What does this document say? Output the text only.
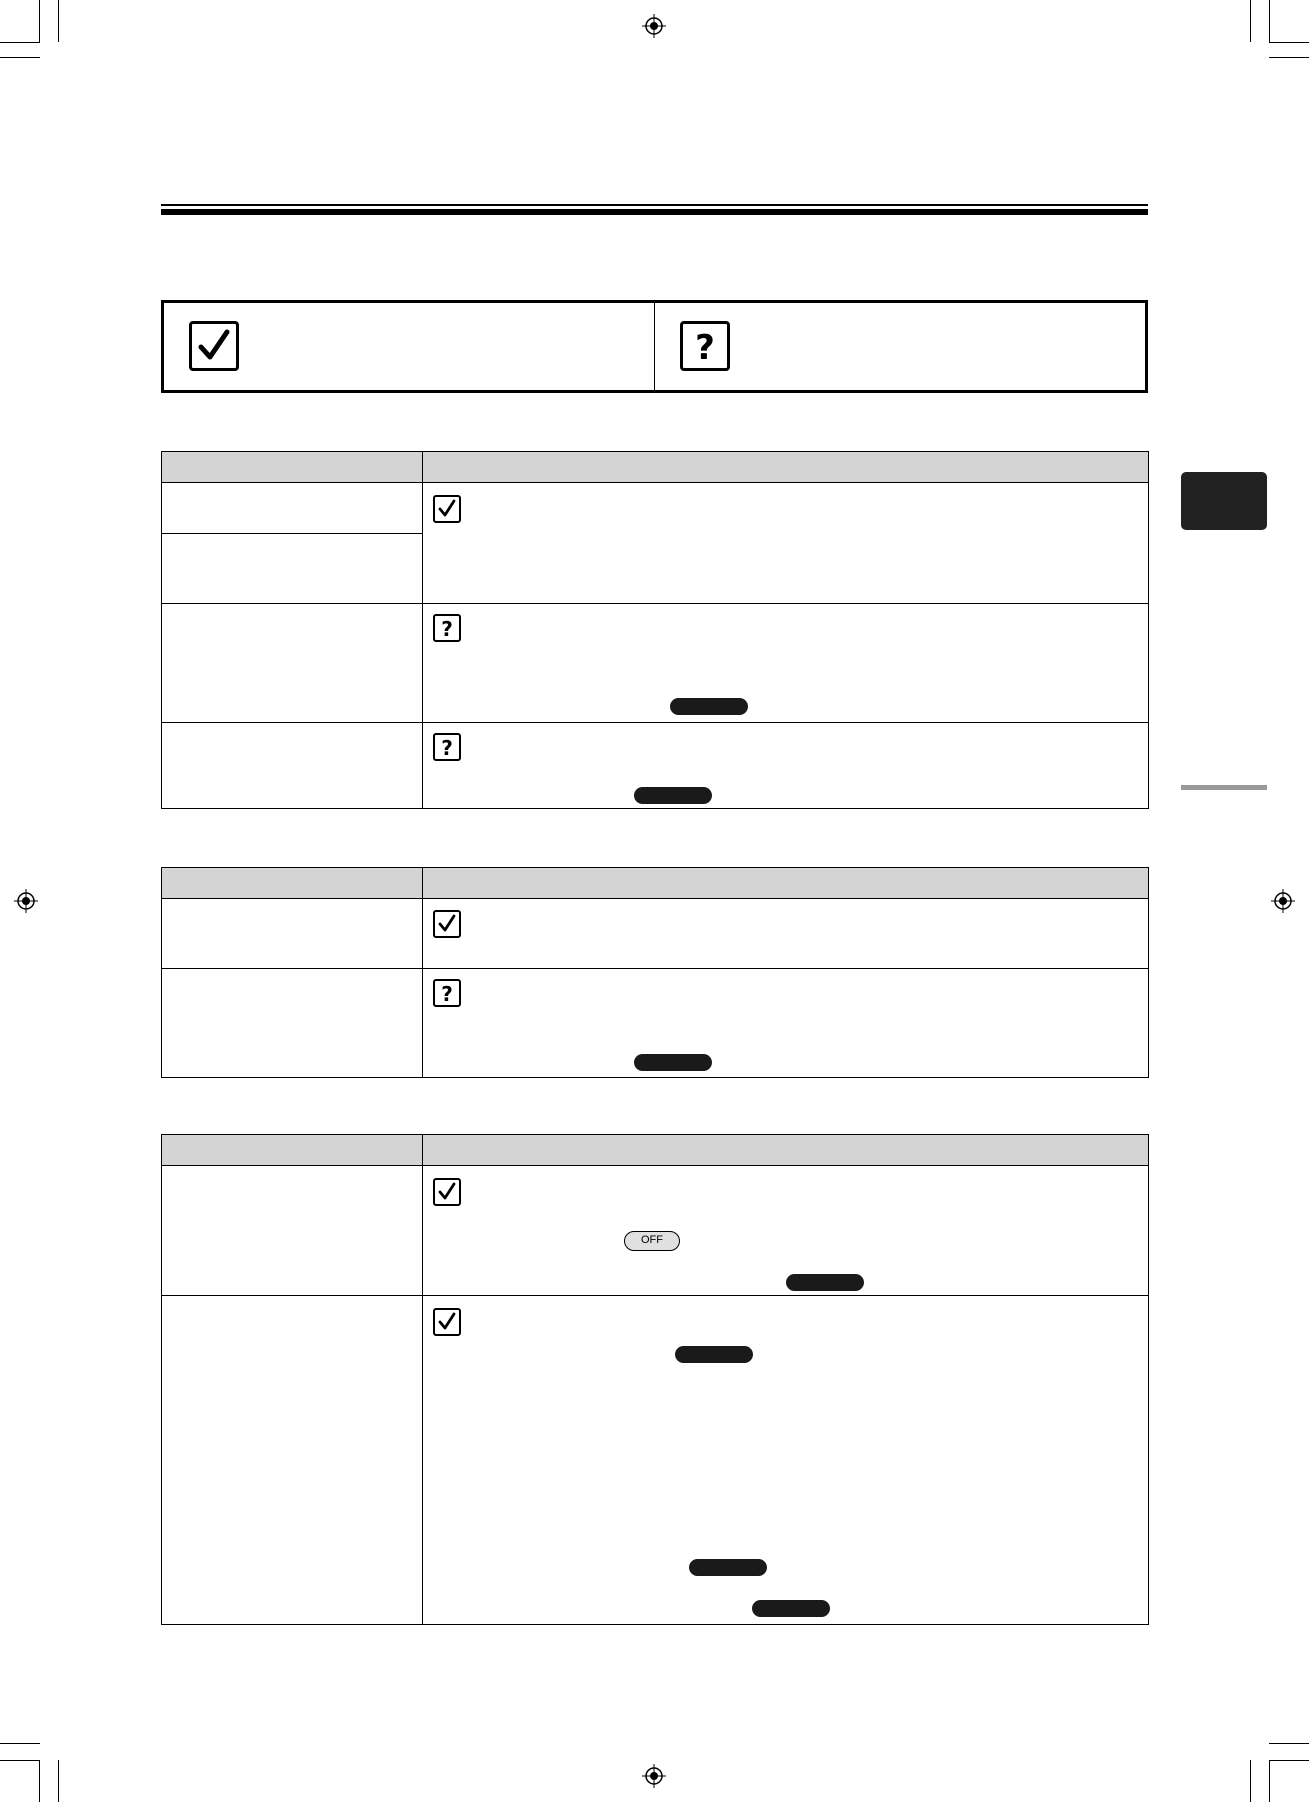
?
?
?
?
OFF
